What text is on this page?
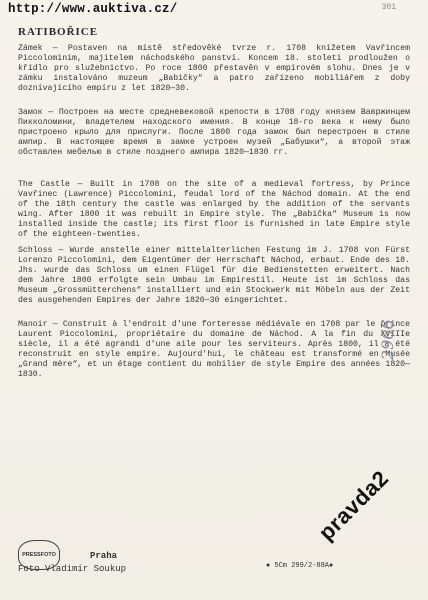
http://www.auktiva.cz/	301
RATIBOŘICE
Zámek — Postaven na místě středověké tvrze r. 1708 knížetem Vavřincem Piccolominim, majitelem náchodského panství. Koncem 18. století prodloužen o křídlo pro služebnictvo. Po roce 1800 přestavěn v empírovém slohu. Dnes je v zámku instalováno muzeum „Babičky“ a patro zařízeno mobiliářem z doby doznívajícího empíru z let 1820—30.
Замок — Построен на месте средневековой крепости в 1708 году князем Вавржинцем Пикколомини, владетелем находского имения. В конце 18-го века к нему было пристроено крыло для прислуги. После 1800 года замок был перестроен в стиле ампир. В настоящее время в замке устроен музей „Бабушки“, а второй этаж обставлен мебелью в стиле позднего ампира 1820—1830 гг.
The Castle — Built in 1708 on the site of a medieval fortress, by Prince Vavřinec (Lawrence) Piccolomini, feudal lord of the Náchod domain. At the end of the 18th century the castle was enlarged by the addition of the servants wing. After 1800 it was rebuilt in Empire style. The „Babička“ Museum is now installed inside the castle; its first floor is furnished in late Empire style of the eighteen-twenties.
Schloss — Wurde anstelle einer mittelalterlichen Festung im J. 1708 von Fürst Lorenzo Piccolomini, dem Eigentümer der Herrschaft Náchod, erbaut. Ende des 18. Jhs. wurde das Schloss um einen Flügel für die Bedienstetten erweitert. Nach dem Jahre 1800 erfolgte sein Umbau im Empirestil. Heute ist im Schloss das Museum „Grossmütterchens“ installiert und ein Stockwerk mit Möbeln aus der Zeit des ausgehenden Empires der Jahre 1820—30 eingerichtet.
Manoir — Construit à l'endroit d'une forteresse médiévale en 1708 par le prince Laurent Piccolomini, propriétaire du domaine de Náchod. A la fin du XVIIIe siècle, il a été agrandi d'une aile pour les serviteurs. Après 1800, il a été reconstruit en style empire. Aujourd'hui, le château est transformé en Musée „Grand mère“, et un étage contient du mobilier de style Empire des années 1820—1830.
2966
PRESSFOTO	Praha
Foto Vladimír Soukup	● 5Cm 299/2-88A●
pravda2
